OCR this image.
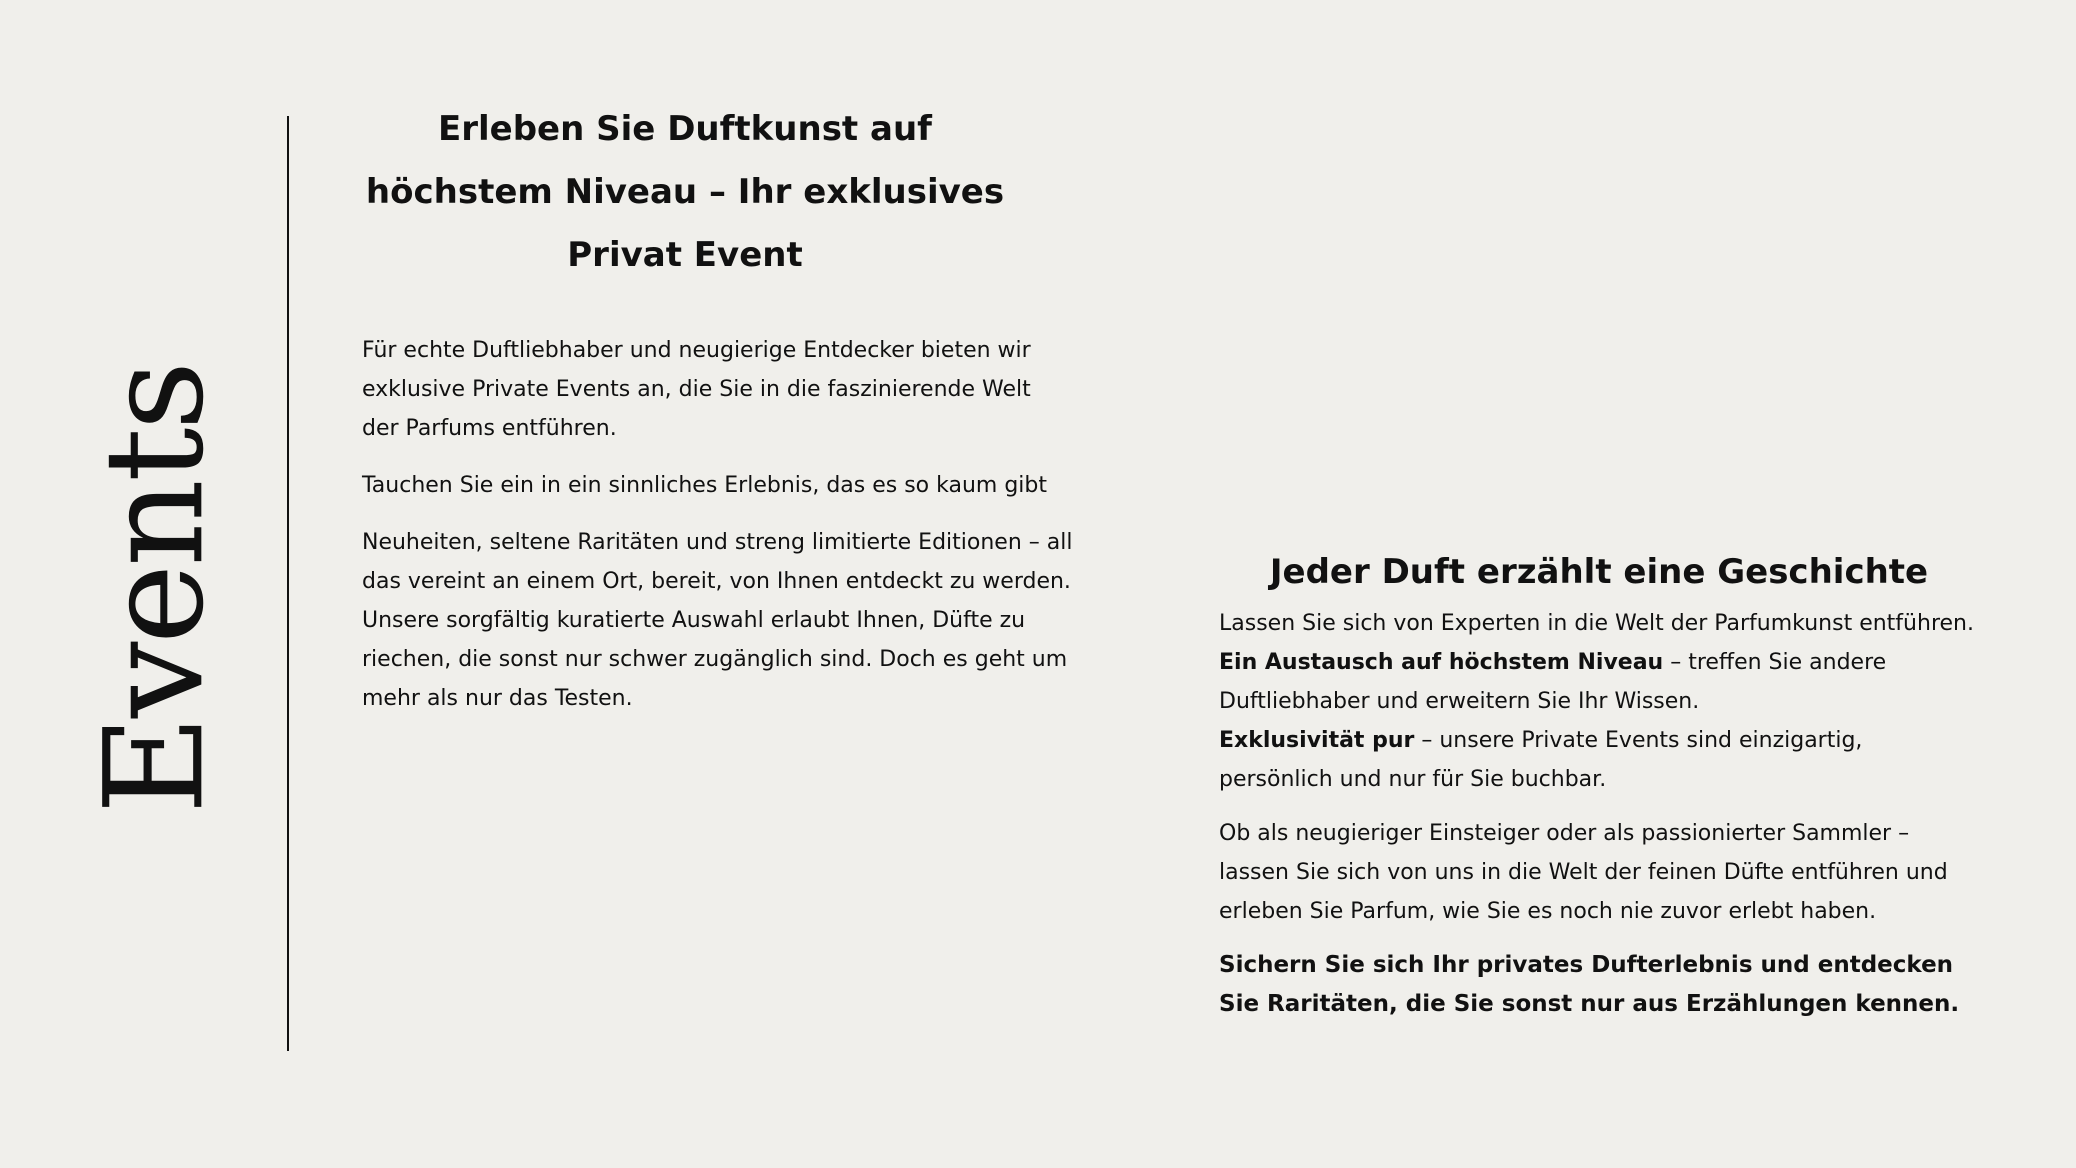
Events
Erleben Sie Duftkunst auf höchstem Niveau – Ihr exklusives Privat Event

Für echte Duftliebhaber und neugierige Entdecker bieten wir exklusive Private Events an, die Sie in die faszinierende Welt der Parfums entführen.

Tauchen Sie ein in ein sinnliches Erlebnis, das es so kaum gibt

Neuheiten, seltene Raritäten und streng limitierte Editionen – all das vereint an einem Ort, bereit, von Ihnen entdeckt zu werden. Unsere sorgfältig kuratierte Auswahl erlaubt Ihnen, Düfte zu riechen, die sonst nur schwer zugänglich sind. Doch es geht um mehr als nur das Testen.

Jeder Duft erzählt eine Geschichte

Lassen Sie sich von Experten in die Welt der Parfumkunst entführen.

Ein Austausch auf höchstem Niveau – treffen Sie andere Duftliebhaber und erweitern Sie Ihr Wissen.

Exklusivität pur – unsere Private Events sind einzigartig, persönlich und nur für Sie buchbar.

Ob als neugieriger Einsteiger oder als passionierter Sammler – lassen Sie sich von uns in die Welt der feinen Düfte entführen und erleben Sie Parfum, wie Sie es noch nie zuvor erlebt haben.

Sichern Sie sich Ihr privates Dufterlebnis und entdecken Sie Raritäten, die Sie sonst nur aus Erzählungen kennen.
